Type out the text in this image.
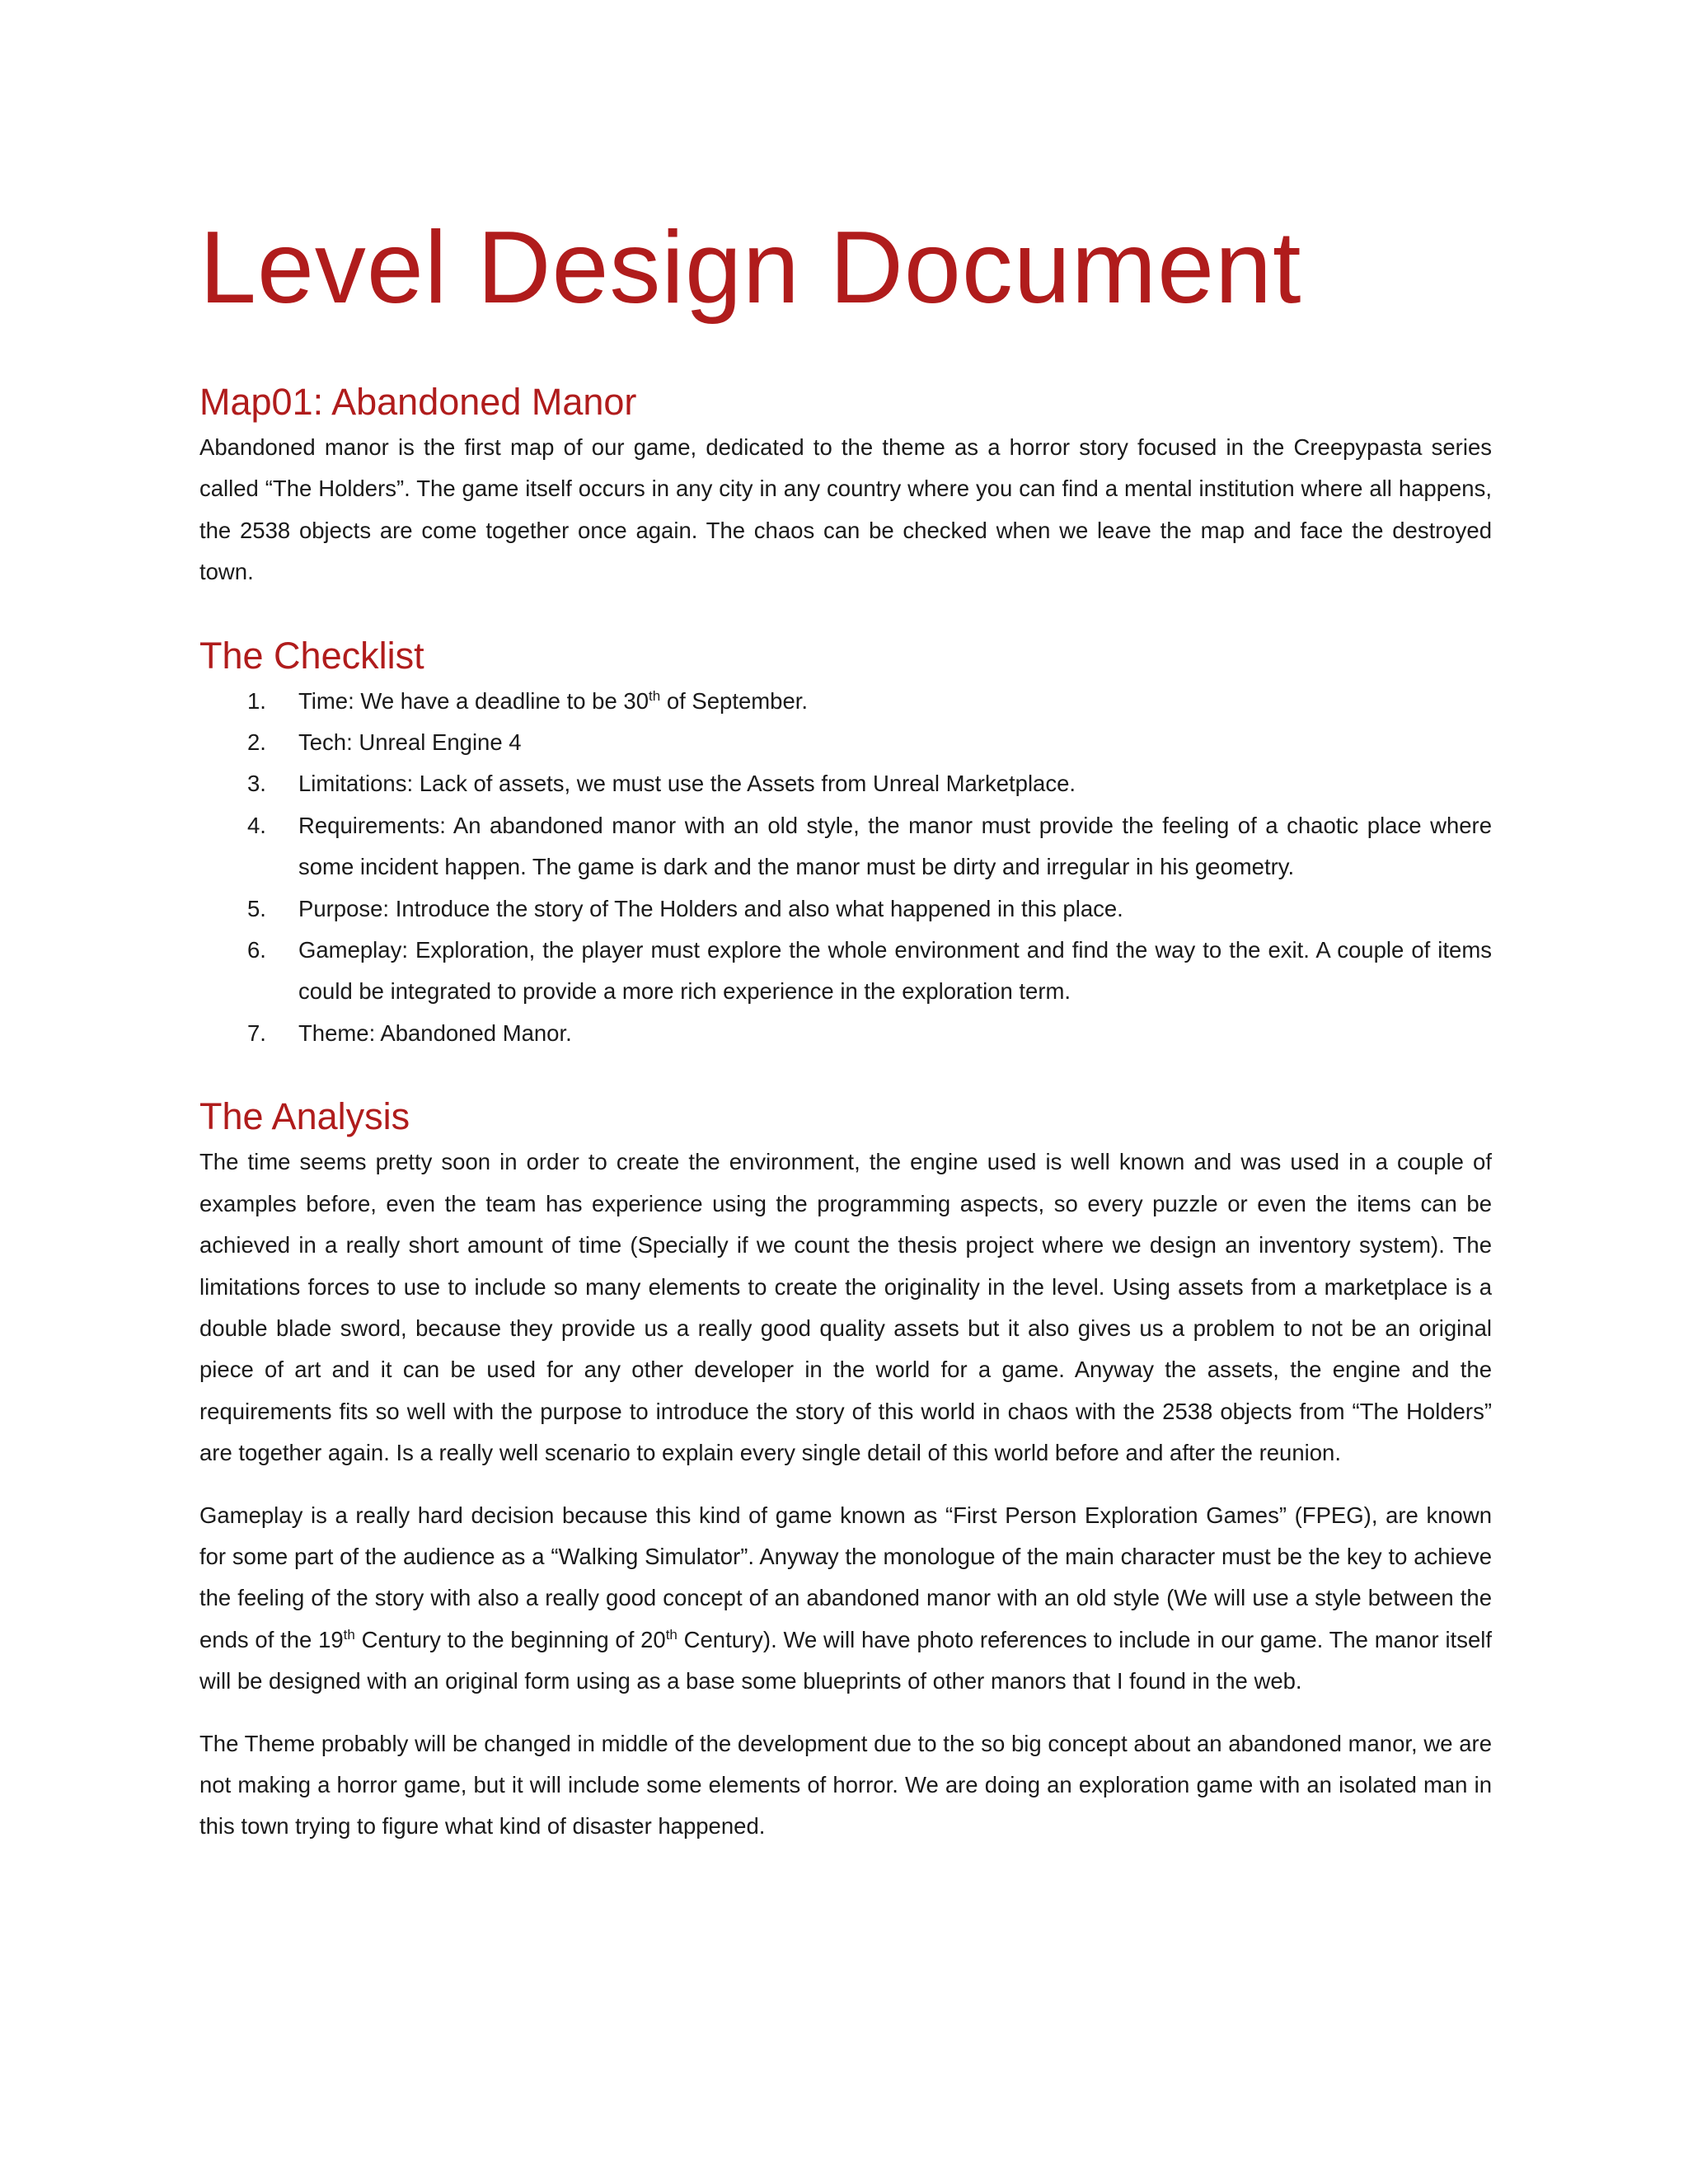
Level Design Document
Map01: Abandoned Manor

Abandoned manor is the first map of our game, dedicated to the theme as a horror story focused in the Creepypasta series called “The Holders”. The game itself occurs in any city in any country where you can find a mental institution where all happens, the 2538 objects are come together once again. The chaos can be checked when we leave the map and face the destroyed town.

The Checklist
1. Time: We have a deadline to be 30th of September.
2. Tech: Unreal Engine 4
3. Limitations: Lack of assets, we must use the Assets from Unreal Marketplace.
4. Requirements: An abandoned manor with an old style, the manor must provide the feeling of a chaotic place where some incident happen. The game is dark and the manor must be dirty and irregular in his geometry.
5. Purpose: Introduce the story of The Holders and also what happened in this place.
6. Gameplay: Exploration, the player must explore the whole environment and find the way to the exit. A couple of items could be integrated to provide a more rich experience in the exploration term.
7. Theme: Abandoned Manor.
The Analysis

The time seems pretty soon in order to create the environment, the engine used is well known and was used in a couple of examples before, even the team has experience using the programming aspects, so every puzzle or even the items can be achieved in a really short amount of time (Specially if we count the thesis project where we design an inventory system). The limitations forces to use to include so many elements to create the originality in the level. Using assets from a marketplace is a double blade sword, because they provide us a really good quality assets but it also gives us a problem to not be an original piece of art and it can be used for any other developer in the world for a game. Anyway the assets, the engine and the requirements fits so well with the purpose to introduce the story of this world in chaos with the 2538 objects from “The Holders” are together again. Is a really well scenario to explain every single detail of this world before and after the reunion.

Gameplay is a really hard decision because this kind of game known as “First Person Exploration Games” (FPEG), are known for some part of the audience as a “Walking Simulator”. Anyway the monologue of the main character must be the key to achieve the feeling of the story with also a really good concept of an abandoned manor with an old style (We will use a style between the ends of the 19th Century to the beginning of 20th Century). We will have photo references to include in our game. The manor itself will be designed with an original form using as a base some blueprints of other manors that I found in the web.

The Theme probably will be changed in middle of the development due to the so big concept about an abandoned manor, we are not making a horror game, but it will include some elements of horror. We are doing an exploration game with an isolated man in this town trying to figure what kind of disaster happened.
